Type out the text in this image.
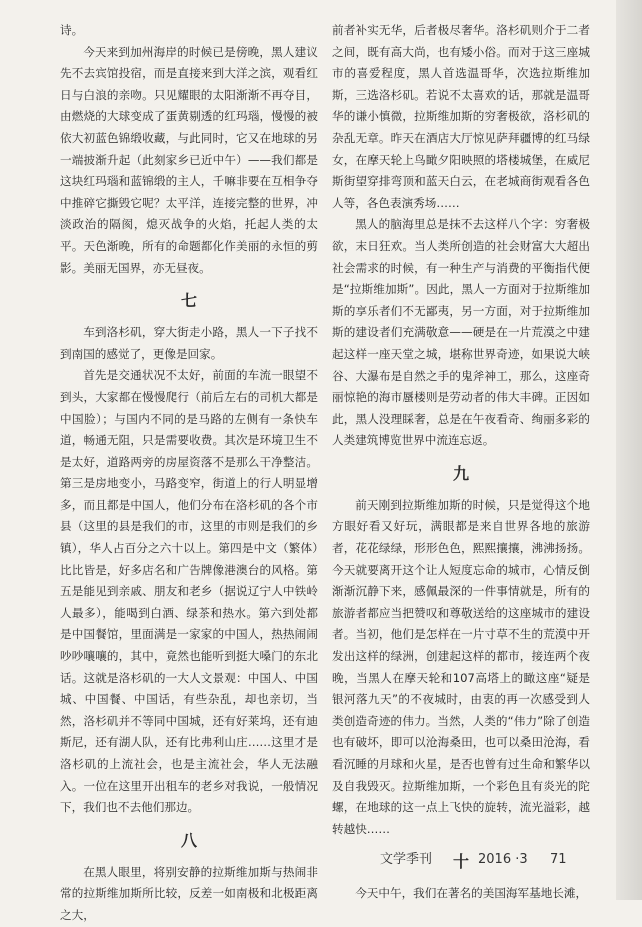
诗。

今天来到加州海岸的时候已是傍晚，黑人建议先不去宾馆投宿，而是直接来到大洋之滨，观看红日与白浪的亲吻。只见耀眼的太阳渐渐不再夺目，由燃烧的大球变成了蛋黄剔透的红玛瑙，慢慢的被依大初蓝色锦缎收藏，与此同时，它又在地球的另一端披渐升起（此刻家乡已近中午）——我们都是这块红玛瑙和蓝锦缎的主人，千嘛非要在互相争夺中推碎它撕毁它呢？太平洋，连接完整的世界，冲淡政治的隔阂，熄灭战争的火焰，托起人类的太平。天色渐晚，所有的命题都化作美丽的永恒的剪影。美丽无国界，亦无昼夜。

七

车到洛杉矶，穿大街走小路，黑人一下子找不到南国的感觉了，更像是回家。

首先是交通状况不太好，前面的车流一眼望不到头，大家都在慢慢爬行（前后左右的司机大都是中国脸）；与国内不同的是马路的左侧有一条快车道，畅通无阻，只是需要收费。其次是环境卫生不是太好，道路两旁的房屋资落不是那么干净整洁。第三是房地变小，马路变窄，街道上的行人明显增多，而且都是中国人，他们分布在洛杉矶的各个市县（这里的县是我们的市，这里的市则是我们的乡镇），华人占百分之六十以上。第四是中文（繁体）比比皆是，好多店名和广告牌像港澳台的风格。第五是能见到亲戚、朋友和老乡（据说辽宁人中铁岭人最多），能喝到白酒、绿茶和热水。第六到处都是中国餐馆，里面满是一家家的中国人，热热闹闹吵吵嚷嚷的，其中，竟然也能听到挺大嗓门的东北话。这就是洛杉矶的一大人文景观：中国人、中国城、中国餐、中国话，有些杂乱，却也亲切，当然，洛杉矶并不等同中国城，还有好莱坞，还有迪斯尼，还有湖人队，还有比弗利山庄……这里才是洛杉矶的上流社会，也是主流社会，华人无法融入。一位在这里开出租车的老乡对我说，一般情况下，我们也不去他们那边。

八

在黑人眼里，将别安静的拉斯维加斯与热闹非常的拉斯维加斯所比较，反差一如南极和北极距离之大，

前者补实无华，后者极尽奢华。洛杉矶则介于二者之间，既有高大尚，也有矮小俗。而对于这三座城市的喜爱程度，黑人首选温哥华，次选拉斯维加斯，三选洛杉矶。若说不太喜欢的话，那就是温哥华的谦小慎微，拉斯维加斯的穷奢极欲，洛杉矶的杂乱无章。昨天在酒店大厅惊见萨拜疆博的红马绿女，在摩天轮上鸟瞰夕阳映照的塔楼城堡，在威尼斯街望穿排弯顶和蓝天白云，在老城商街观看各色人等，各色表演秀场……

黑人的脑海里总是抹不去这样八个字：穷奢极欲，末日狂欢。当人类所创造的社会财富大大超出社会需求的时候，有一种生产与消费的平衡指代便是“拉斯维加斯”。因此，黑人一方面对于拉斯维加斯的享乐者们不无鄙夷，另一方面，对于拉斯维加斯的建设者们充满敬意——硬是在一片荒漠之中建起这样一座天堂之城，堪称世界奇迹，如果说大峡谷、大瀑布是自然之手的鬼斧神工，那么，这座奇丽惊艳的海市蜃楼则是劳动者的伟大丰碑。正因如此，黑人没理睬奢，总是在午夜看奇、绚丽多彩的人类建筑博览世界中流连忘返。

九

前天刚到拉斯维加斯的时候，只是觉得这个地方眼好看又好玩，满眼都是来自世界各地的旅游者，花花绿绿，形形色色，熙熙攘攘，沸沸扬扬。今天就要离开这个让人短度忘命的城市，心情反倒渐渐沉静下来，感佩最深的一件事情就是，所有的旅游者都应当把赞叹和尊敬送给的这座城市的建设者。当初，他们是怎样在一片寸草不生的荒漠中开发出这样的绿洲，创建起这样的都市，接连两个夜晚，当黑人在摩天轮和107高塔上的瞰这座“疑是银河落九天”的不夜城时，由衷的再一次感受到人类创造奇迹的伟力。当然，人类的“伟力”除了创造也有破坏，即可以沧海桑田，也可以桑田沧海，看看沉睡的月球和火星，是否也曾有过生命和繁华以及自我毁灭。拉斯维加斯，一个彩色且有炎光的陀螺，在地球的这一点上飞快的旋转，流光溢彩，越转越快……

十

今天中午，我们在著名的美国海军基地长滩，

文学季刊	2016 ·3 71
